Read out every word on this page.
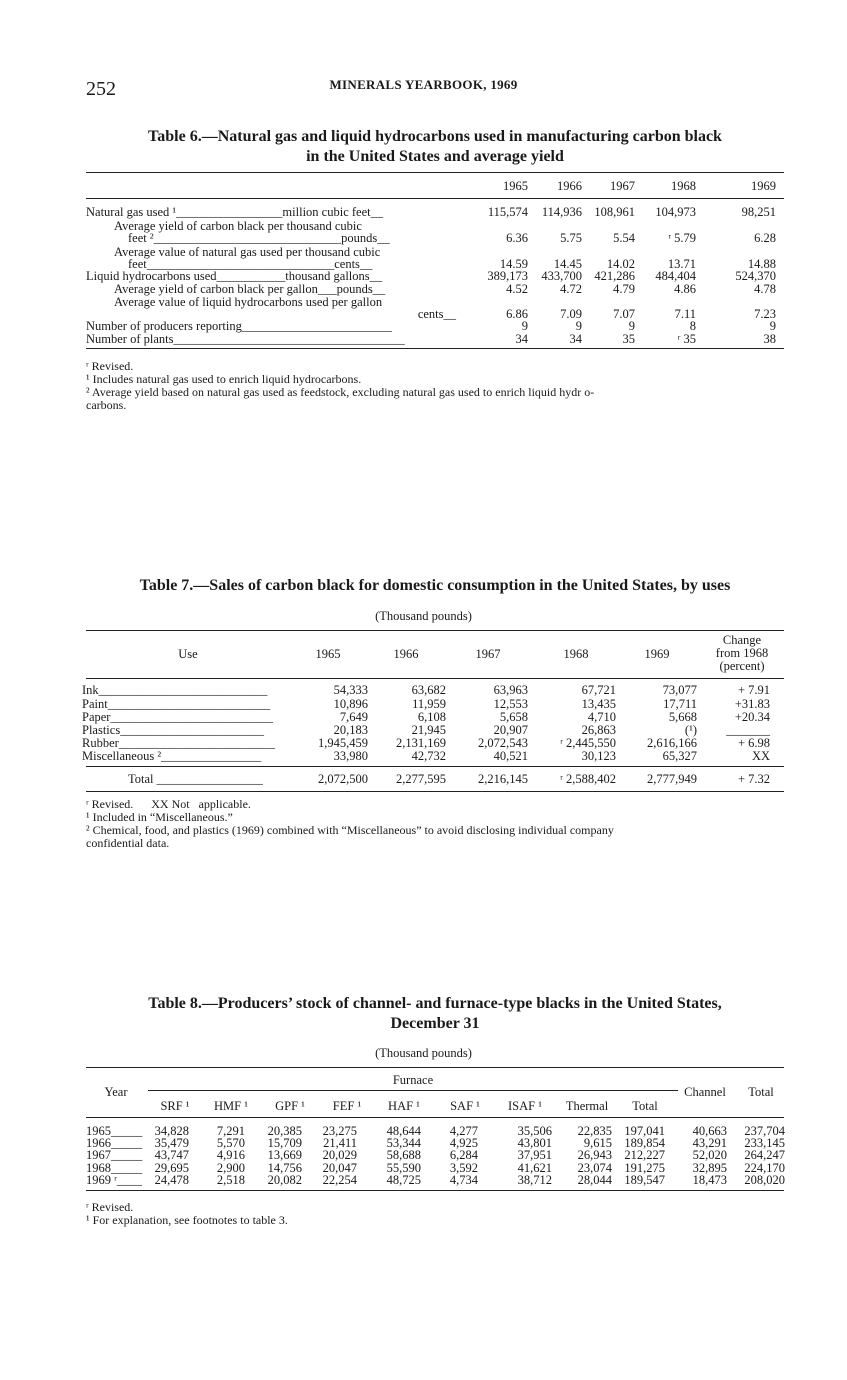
252	MINERALS YEARBOOK, 1969
Table 6.—Natural gas and liquid hydrocarbons used in manufacturing carbon black
in the United States and average yield
1965	1966	1967	1968	1969
Natural gas used ¹_________________million cubic feet__	115,574	114,936 108,961	104,973	98,251
Average yield of carbon black per thousand cubic
feet ²______________________________pounds__	6.36	5.75	5.54	ʳ 5.79	6.28
Average value of natural gas used per thousand cubic
feet______________________________cents__	14.59	14.45	14.02	13.71	14.88
Liquid hydrocarbons used___________thousand gallons__	389,173	433,700 421,286	484,404	524,370
Average yield of carbon black per gallon___pounds__	4.52	4.72	4.79	4.86	4.78
Average value of liquid hydrocarbons used per gallon
cents__	6.86	7.09	7.07	7.11	7.23
Number of producers reporting________________________	9	9	9	8	9
Number of plants_____________________________________	34	34	35	ʳ 35	38
ʳ Revised.
¹ Includes natural gas used to enrich liquid hydrocarbons.
² Average yield based on natural gas used as feedstock, excluding natural gas used to enrich liquid hydr o-
carbons.
Table 7.—Sales of carbon black for domestic consumption in the United States, by uses
(Thousand pounds)
Use	1965	1966	1967	1968	1969
Change
from 1968
(percent)
Ink___________________________	54,333	63,682	63,963	67,721	73,077	+ 7.91
Paint__________________________	10,896	11,959	12,553	13,435	17,711	+31.83
Paper__________________________	7,649	6,108	5,658	4,710	5,668	+20.34
Plastics_______________________	20,183	21,945	20,907	26,863	(¹)	_______
Rubber_________________________	1,945,459	2,131,169	2,072,543	ʳ 2,445,550	2,616,166	+ 6.98
Miscellaneous ²________________	33,980	42,732	40,521	30,123	65,327	XX
Total _________________	2,072,500	2,277,595	2,216,145	ʳ 2,588,402	2,777,949	+ 7.32
ʳ Revised.      XX Not   applicable.
¹ Included in “Miscellaneous.”
² Chemical, food, and plastics (1969) combined with “Miscellaneous” to avoid disclosing individual company
confidential data.
Table 8.—Producers’ stock of channel- and furnace-type blacks in the United States,
December 31
(Thousand pounds)
Year
Furnace
Channel	Total
SRF ¹	HMF ¹	GPF ¹	FEF ¹	HAF ¹	SAF ¹	ISAF ¹	Thermal	Total
1965_____ 34,828	7,291	20,385	23,275	48,644	4,277	35,506	22,835 197,041	40,663	237,704
1966_____ 35,479	5,570	15,709	21,411	53,344	4,925	43,801	9,615 189,854	43,291	233,145
1967_____ 43,747	4,916	13,669	20,029	58,688	6,284	37,951	26,943 212,227	52,020	264,247
1968_____ 29,695	2,900	14,756	20,047	55,590	3,592	41,621	23,074 191,275	32,895	224,170
1969 ʳ____	24,478	2,518	20,082	22,254	48,725	4,734	38,712	28,044 189,547	18,473	208,020
ʳ Revised.
¹ For explanation, see footnotes to table 3.
